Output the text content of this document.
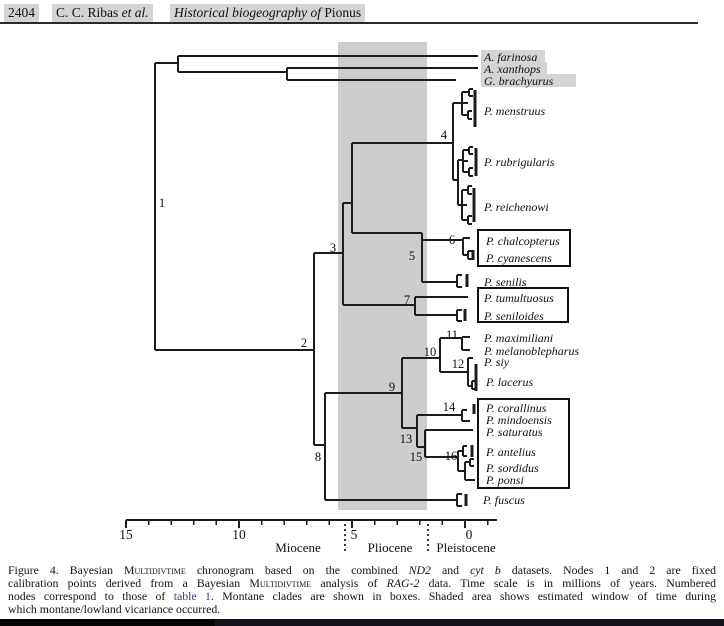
2404 C. C. Ribas et al. Historical biogeography of Pionus
A. farinosa
A. xanthops
G. brachyurus
P. menstruus
P. rubrigularis
P. reichenowi
P. chalcopterus
P. cyanescens
P. senilis
P. tumultuosus
P. seniloides
P. maximiliani
P. melanoblepharus
P. siy
P. lacerus
P. corallinus
P. mindoensis
P. saturatus
P. antelius
P. sordidus
P. ponsi
P. fuscus
1
2
3
4
5
6
7
8
9
10
11
12
13
14
15 16
15	10	5	0
Miocene	Pliocene Pleistocene
Figure 4. Bayesian Multidivtime chronogram based on the combined ND2 and cyt b datasets. Nodes 1 and 2 are fixed
calibration points derived from a Bayesian Multidivtime analysis of RAG-2 data. Time scale is in millions of years. Numbered
nodes correspond to those of table 1. Montane clades are shown in boxes. Shaded area shows estimated window of time during
which montane/lowland vicariance occurred.
